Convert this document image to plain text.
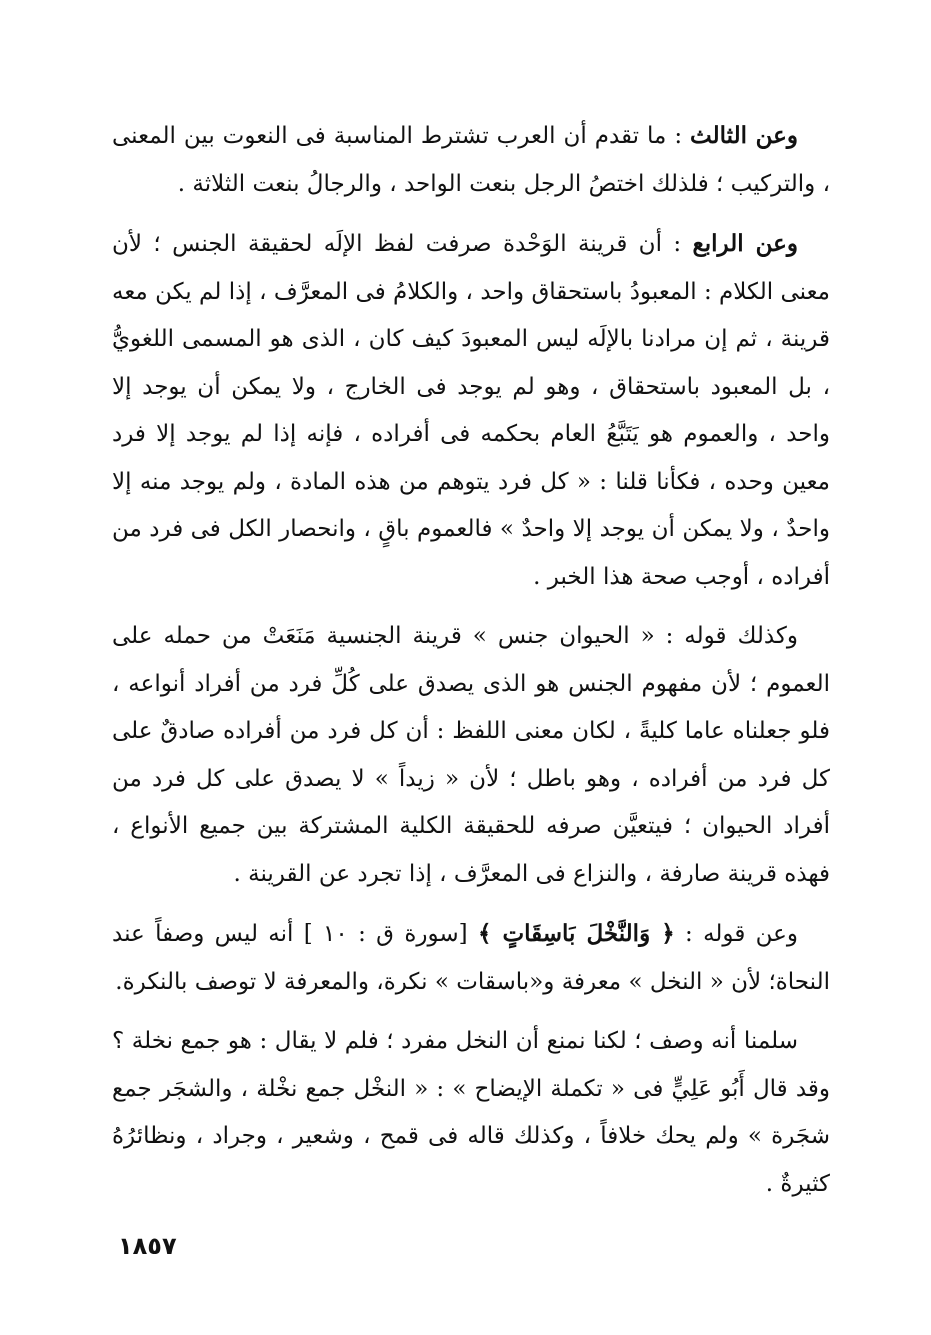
وعن الثالث : ما تقدم أن العرب تشترط المناسبة فى النعوت بين المعنى ، والتركيب ؛ فلذلك اختصُ الرجل بنعت الواحد ، والرجالُ بنعت الثلاثة .

وعن الرابع : أن قرينة الوَحْدة صرفت لفظ الإلَه لحقيقة الجنس ؛ لأن معنى الكلام : المعبودُ باستحقاق واحد ، والكلامُ فى المعرَّف ، إذا لم يكن معه قرينة ، ثم إن مرادنا بالإلَه ليس المعبودَ كيف كان ، الذى هو المسمى اللغويُّ ، بل المعبود باستحقاق ، وهو لم يوجد فى الخارج ، ولا يمكن أن يوجد إلا واحد ، والعموم هو يَتَبَّعُ العام بحكمه فى أفراده ، فإنه إذا لم يوجد إلا فرد معين وحده ، فكأنا قلنا : « كل فرد يتوهم من هذه المادة ، ولم يوجد منه إلا واحدٌ ، ولا يمكن أن يوجد إلا واحدٌ » فالعموم باقٍ ، وانحصار الكل فى فرد من أفراده ، أوجب صحة هذا الخبر .

وكذلك قوله : « الحيوان جنس » قرينة الجنسية مَنَعَتْ من حمله على العموم ؛ لأن مفهوم الجنس هو الذى يصدق على كُلِّ فرد من أفراد أنواعه ، فلو جعلناه عاما كليةً ، لكان معنى اللفظ : أن كل فرد من أفراده صادقٌ على كل فرد من أفراده ، وهو باطل ؛ لأن « زيداً » لا يصدق على كل فرد من أفراد الحيوان ؛ فيتعيَّن صرفه للحقيقة الكلية المشتركة بين جميع الأنواع ، فهذه قرينة صارفة ، والنزاع فى المعرَّف ، إذا تجرد عن القرينة .

وعن قوله : ﴿ وَالنَّخْلَ بَاسِقَاتٍ ﴾ [سورة ق : ١٠ ] أنه ليس وصفاً عند النحاة؛ لأن « النخل » معرفة و«باسقات » نكرة، والمعرفة لا توصف بالنكرة.

سلمنا أنه وصف ؛ لكنا نمنع أن النخل مفرد ؛ فلم لا يقال : هو جمع نخلة ؟ وقد قال أَبُو عَلِيٍّ فى « تكملة الإيضاح » : « النخْل جمع نخْلة ، والشجَر جمع شجَرة » ولم يحك خلافاً ، وكذلك قاله فى قمح ، وشعير ، وجراد ، ونظائرُهُ كثيرةٌ .

١٨٥٧
